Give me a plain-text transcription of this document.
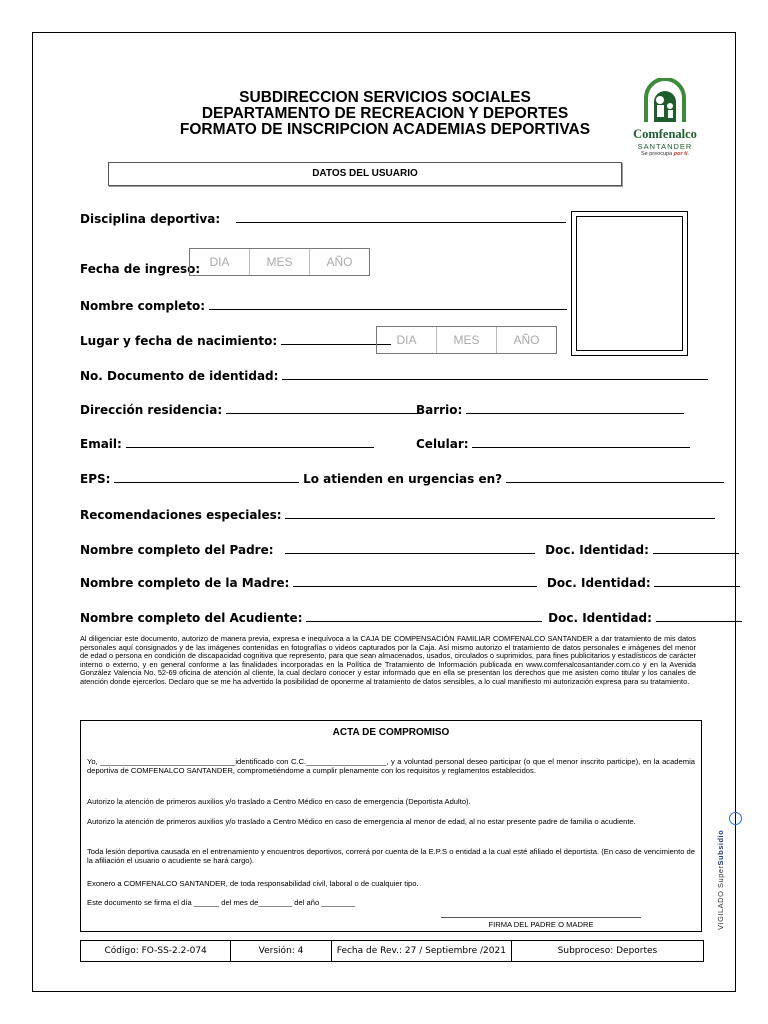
SUBDIRECCION SERVICIOS SOCIALES
DEPARTAMENTO DE RECREACION Y DEPORTES
FORMATO DE INSCRIPCION ACADEMIAS DEPORTIVAS	Comfenalco
SANTANDER
Se preocupa por ti.
DATOS DEL USUARIO
Disciplina deportiva:
Fecha de ingreso: DIA	MES	AÑO
Nombre completo:
Lugar y fecha de nacimiento:	DIA	MES	AÑO
No. Documento de identidad:
Dirección residencia:	Barrio:
Email:	Celular:
EPS:	Lo atienden en urgencias en?
Recomendaciones especiales:
Nombre completo del Padre:	Doc. Identidad:
Nombre completo de la Madre:	Doc. Identidad:
Nombre completo del Acudiente:	Doc. Identidad:
Al diligenciar este documento, autorizo de manera previa, expresa e inequívoca a la CAJA DE COMPENSACIÓN FAMILIAR COMFENALCO SANTANDER a dar tratamiento de mis datos personales aquí consignados y de las imágenes contenidas en fotografías o videos capturados por la Caja. Así mismo autorizo el tratamiento de datos personales e imágenes del menor de edad o persona en condición de discapacidad cognitiva que represento, para que sean almacenados, usados, circulados o suprimidos, para fines publicitarios y estadísticos de carácter interno o externo, y en general conforme a las finalidades incorporadas en la Política de Tratamiento de Información publicada en www.comfenalcosantander.com.co y en la Avenida González Valencia No. 52-69 oficina de atención al cliente, la cual declaro conocer y estar informado que en ella se presentan los derechos que me asisten como titular y los canales de atención donde ejercerlos. Declaro que se me ha advertido la posibilidad de oponerme al tratamiento de datos sensibles, a lo cual manifiesto mi autorización expresa para su tratamiento.
ACTA DE COMPROMISO

Yo, ________________________________identificado con C.C.___________________, y a voluntad personal deseo participar (o que el menor inscrito participe), en la academia deportiva de COMFENALCO SANTANDER, comprometiéndome a cumplir plenamente con los requisitos y reglamentos establecidos.

Autorizo la atención de primeros auxilios y/o traslado a Centro Médico en caso de emergencia (Deportista Adulto).

Autorizo la atención de primeros auxilios y/o traslado a Centro Médico en caso de emergencia al menor de edad, al no estar presente padre de familia o acudiente.

Toda lesión deportiva causada en el entrenamiento y encuentros deportivos, correrá por cuenta de la E.P.S o entidad a la cual esté afiliado el deportista. (En caso de vencimiento de la afiliación el usuario o acudiente se hará cargo).

Exonero a COMFENALCO SANTANDER, de toda responsabilidad civil, laboral o de cualquier tipo.

Este documento se firma el día ______ del mes de________ del año ________

FIRMA DEL PADRE O MADRE
Código: FO-SS-2.2-074	Versión: 4	Fecha de Rev.: 27 / Septiembre /2021	Subproceso: Deportes
VIGILADO SuperSubsidio
